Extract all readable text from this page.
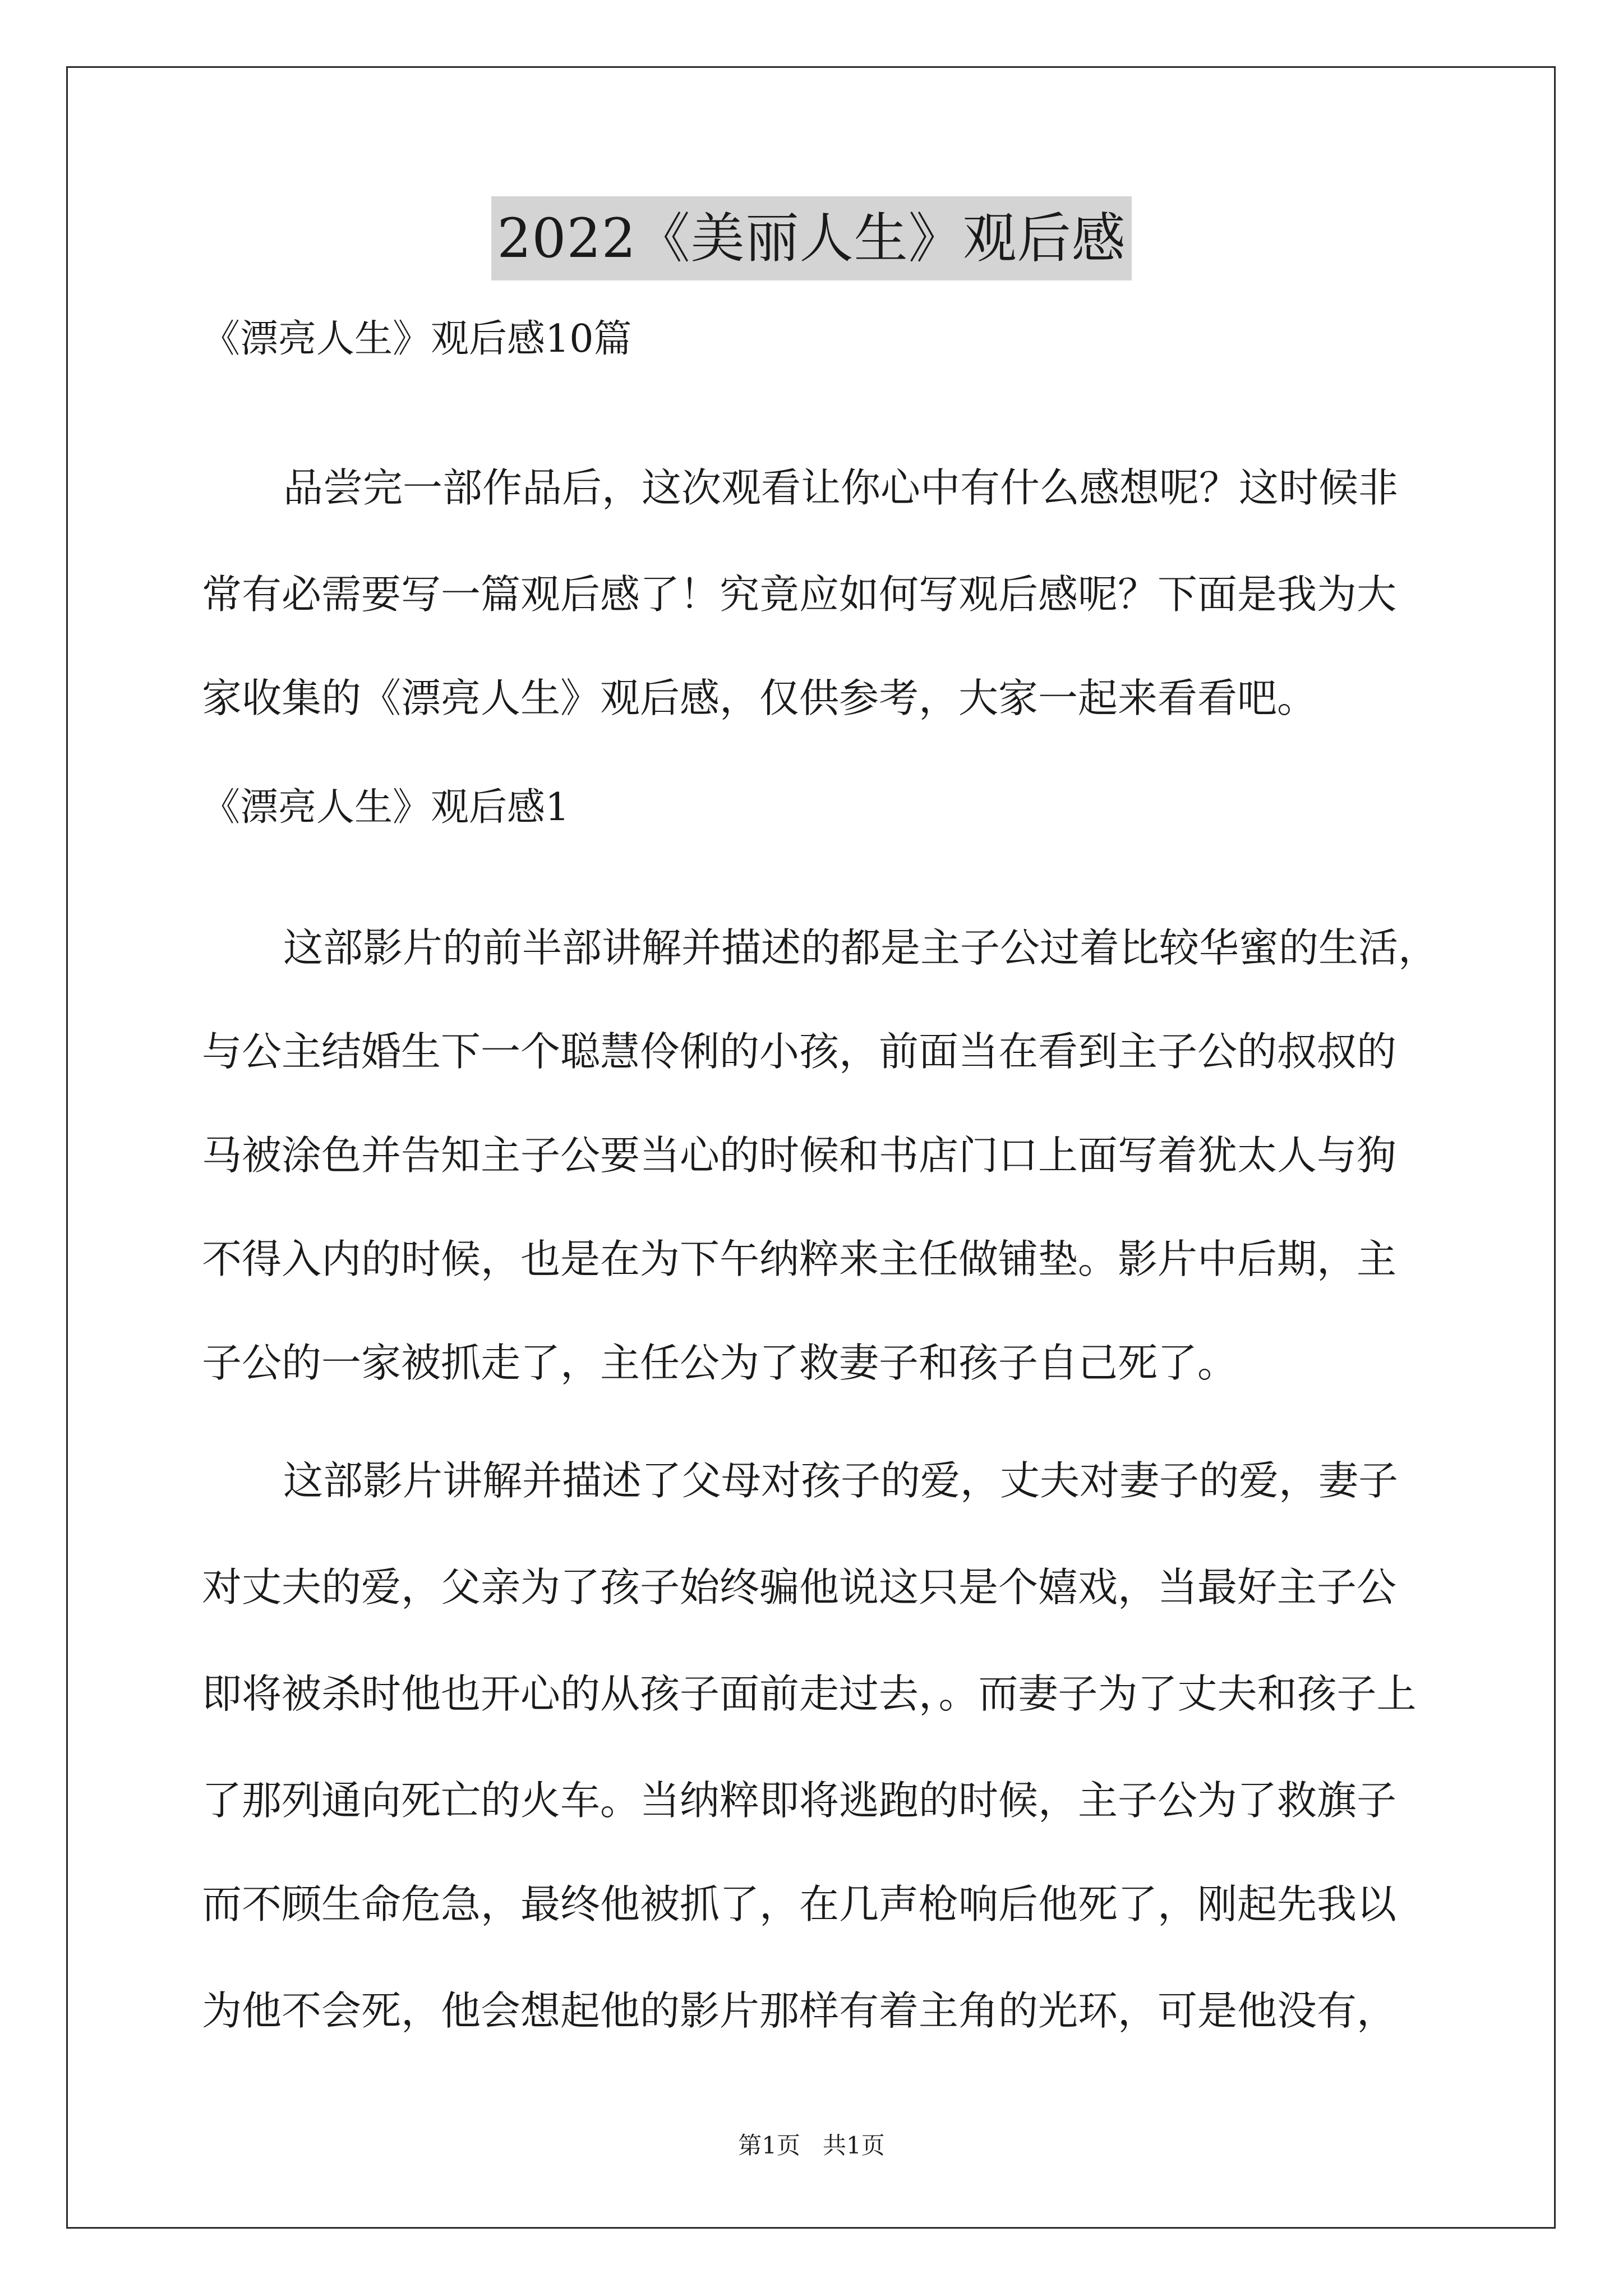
2022《美丽人生》观后感
《漂亮人生》观后感10篇
品尝完一部作品后，这次观看让你心中有什么感想呢？这时候非
常有必需要写一篇观后感了！究竟应如何写观后感呢？下面是我为大
家收集的《漂亮人生》观后感，仅供参考，大家一起来看看吧。
《漂亮人生》观后感1
这部影片的前半部讲解并描述的都是主子公过着比较华蜜的生活，
与公主结婚生下一个聪慧伶俐的小孩，前面当在看到主子公的叔叔的
马被涂色并告知主子公要当心的时候和书店门口上面写着犹太人与狗
不得入内的时候，也是在为下午纳粹来主任做铺垫。影片中后期，主
子公的一家被抓走了，主任公为了救妻子和孩子自己死了。
这部影片讲解并描述了父母对孩子的爱，丈夫对妻子的爱，妻子
对丈夫的爱，父亲为了孩子始终骗他说这只是个嬉戏，当最好主子公
即将被杀时他也开心的从孩子面前走过去，。而妻子为了丈夫和孩子上
了那列通向死亡的火车。当纳粹即将逃跑的时候，主子公为了救旗子
而不顾生命危急，最终他被抓了，在几声枪响后他死了，刚起先我以
为他不会死，他会想起他的影片那样有着主角的光环，可是他没有，
第1页   共1页
